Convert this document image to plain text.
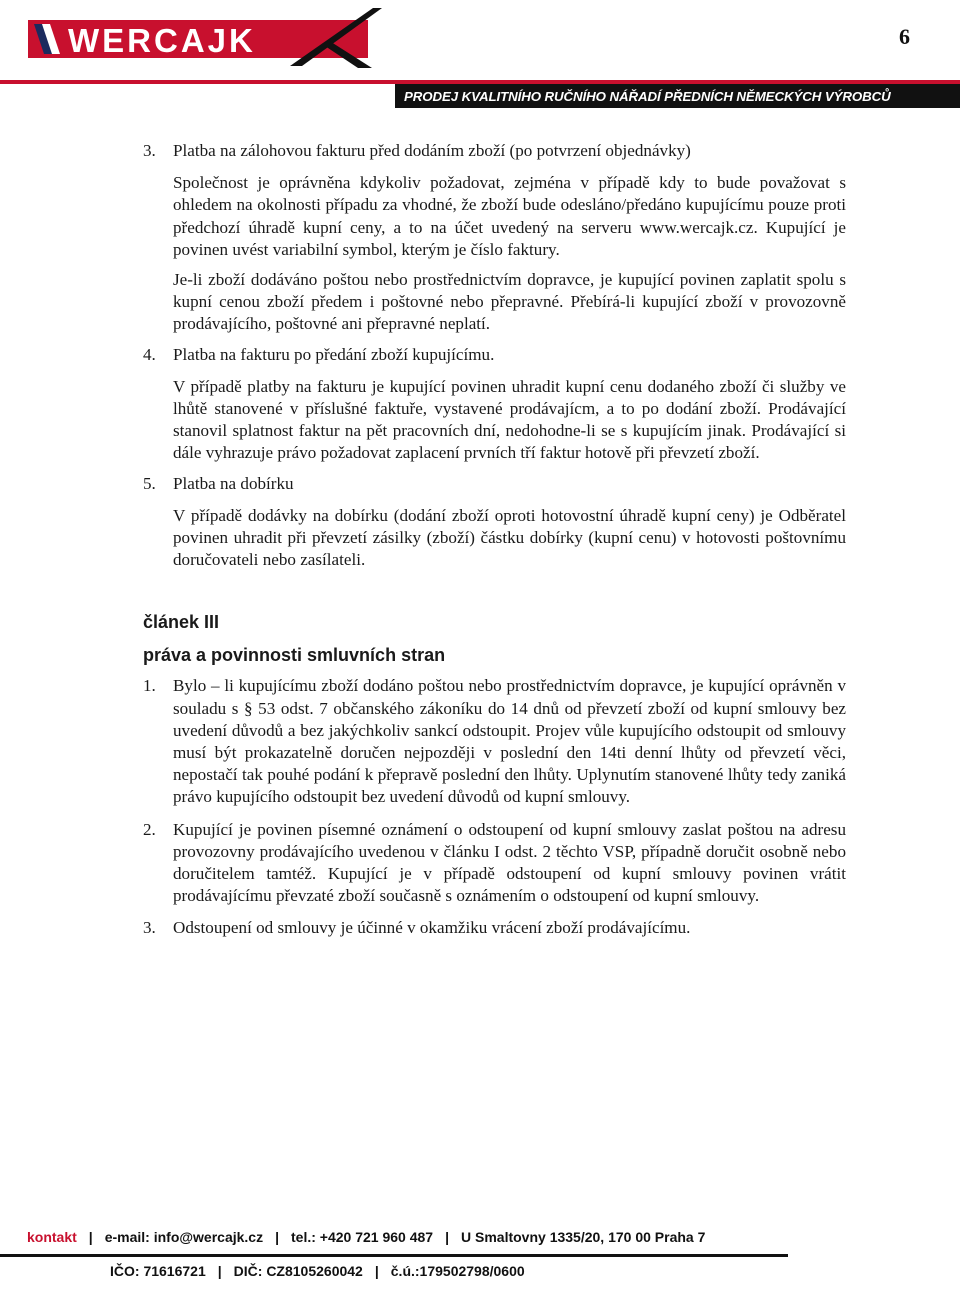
WERCAJK	6
PRODEJ KVALITNÍHO RUČNÍHO NÁŘADÍ PŘEDNÍCH NĚMECKÝCH VÝROBCŮ
3.	Platba na zálohovou fakturu před dodáním zboží (po potvrzení objednávky)

Společnost je oprávněna kdykoliv požadovat, zejména v případě kdy to bude považovat s ohledem na okolnosti případu za vhodné, že zboží bude odesláno/předáno kupujícímu pouze proti předchozí úhradě kupní ceny, a to na účet uvedený na serveru www.wercajk.cz. Kupující je povinen uvést variabilní symbol, kterým je číslo faktury.

Je-li zboží dodáváno poštou nebo prostřednictvím dopravce, je kupující povinen zaplatit spolu s kupní cenou zboží předem i poštovné nebo přepravné. Přebírá-li kupující zboží v provozovně prodávajícího, poštovné ani přepravné neplatí.

4.	Platba na fakturu po předání zboží kupujícímu.

V případě platby na fakturu je kupující povinen uhradit kupní cenu dodaného zboží či služby ve lhůtě stanovené v příslušné faktuře, vystavené prodávajícm, a to po dodání zboží. Prodávající stanovil splatnost faktur na pět pracovních dní, nedohodne-li se s kupujícím jinak. Prodávající si dále vyhrazuje právo požadovat zaplacení prvních tří faktur hotově při převzetí zboží.

5.	Platba na dobírku

V případě dodávky na dobírku (dodání zboží oproti hotovostní úhradě kupní ceny) je Odběratel povinen uhradit při převzetí zásilky (zboží) částku dobírky (kupní cenu) v hotovosti poštovnímu doručovateli nebo zasílateli.

článek III
práva a povinnosti smluvních stran
1.	Bylo – li kupujícímu zboží dodáno poštou nebo prostřednictvím dopravce, je kupující oprávněn v souladu s § 53 odst. 7 občanského zákoníku do 14 dnů od převzetí zboží od kupní smlouvy bez uvedení důvodů a bez jakýchkoliv sankcí odstoupit. Projev vůle kupujícího odstoupit od smlouvy musí být prokazatelně doručen nejpozději v poslední den 14ti denní lhůty od převzetí věci, nepostačí tak pouhé podání k přepravě poslední den lhůty. Uplynutím stanovené lhůty tedy zaniká právo kupujícího odstoupit bez uvedení důvodů od kupní smlouvy.
2.	Kupující je povinen písemné oznámení o odstoupení od kupní smlouvy zaslat poštou na adresu provozovny prodávajícího uvedenou v článku I odst. 2 těchto VSP, případně doručit osobně nebo doručitelem tamtéž. Kupující je v případě odstoupení od kupní smlouvy povinen vrátit prodávajícímu převzaté zboží současně s oznámením o odstoupení od kupní smlouvy.
3.	Odstoupení od smlouvy je účinné v okamžiku vrácení zboží prodávajícímu.
kontakt | e-mail: info@wercajk.cz | tel.: +420 721 960 487 | U Smaltovny 1335/20, 170 00 Praha 7
IČO: 71616721 | DIČ: CZ8105260042 | č.ú.:179502798/0600
